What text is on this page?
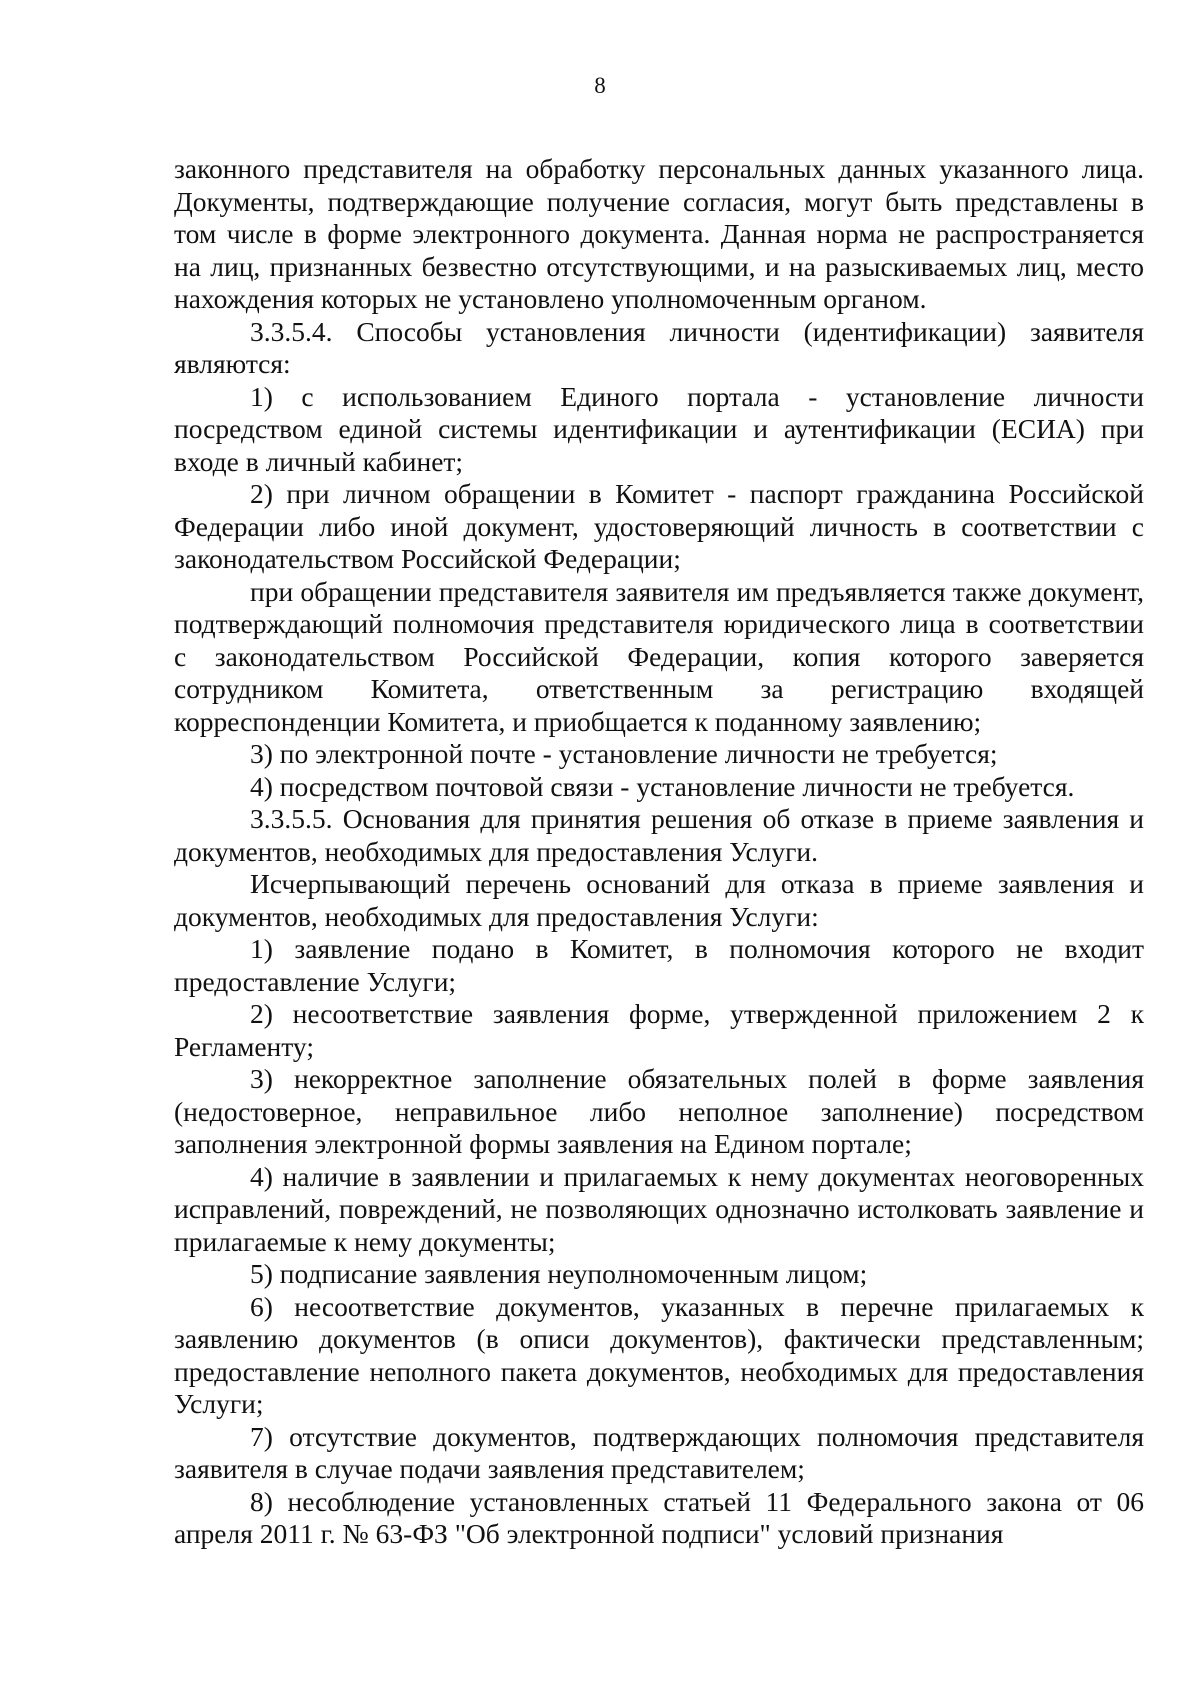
8

законного представителя на обработку персональных данных указанного лица. Документы, подтверждающие получение согласия, могут быть представлены в том числе в форме электронного документа. Данная норма не распространяется на лиц, признанных безвестно отсутствующими, и на разыскиваемых лиц, место нахождения которых не установлено уполномоченным органом.

3.3.5.4. Способы установления личности (идентификации) заявителя являются:

1) с использованием Единого портала - установление личности посредством единой системы идентификации и аутентификации (ЕСИА) при входе в личный кабинет;

2) при личном обращении в Комитет - паспорт гражданина Российской Федерации либо иной документ, удостоверяющий личность в соответствии с законодательством Российской Федерации;

при обращении представителя заявителя им предъявляется также документ, подтверждающий полномочия представителя юридического лица в соответствии с законодательством Российской Федерации, копия которого заверяется сотрудником Комитета, ответственным за регистрацию входящей корреспонденции Комитета, и приобщается к поданному заявлению;

3) по электронной почте - установление личности не требуется;

4) посредством почтовой связи - установление личности не требуется.

3.3.5.5. Основания для принятия решения об отказе в приеме заявления и документов, необходимых для предоставления Услуги.

Исчерпывающий перечень оснований для отказа в приеме заявления и документов, необходимых для предоставления Услуги:

1) заявление подано в Комитет, в полномочия которого не входит предоставление Услуги;

2) несоответствие заявления форме, утвержденной приложением 2 к Регламенту;

3) некорректное заполнение обязательных полей в форме заявления (недостоверное, неправильное либо неполное заполнение) посредством заполнения электронной формы заявления на Едином портале;

4) наличие в заявлении и прилагаемых к нему документах неоговоренных исправлений, повреждений, не позволяющих однозначно истолковать заявление и прилагаемые к нему документы;

5) подписание заявления неуполномоченным лицом;

6) несоответствие документов, указанных в перечне прилагаемых к заявлению документов (в описи документов), фактически представленным; предоставление неполного пакета документов, необходимых для предоставления Услуги;

7) отсутствие документов, подтверждающих полномочия представителя заявителя в случае подачи заявления представителем;

8) несоблюдение установленных статьей 11 Федерального закона от 06 апреля 2011 г. № 63-ФЗ "Об электронной подписи" условий признания
